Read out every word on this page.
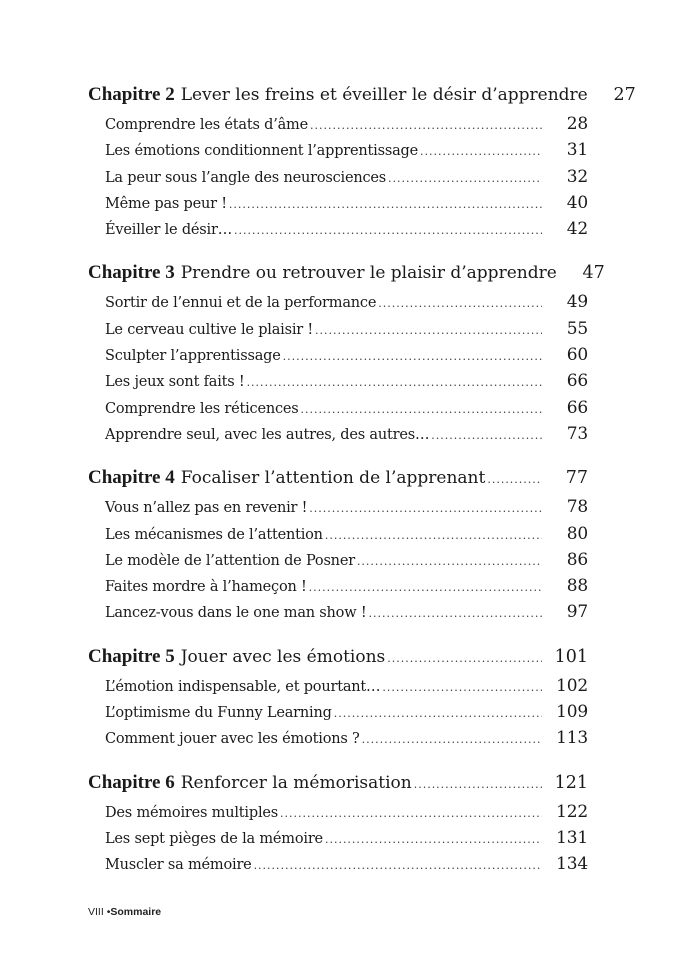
Chapitre 2 Lever les freins et éveiller le désir d’apprendre	27
Comprendre les états d’âme .....	28
Les émotions conditionnent l’apprentissage .....	31
La peur sous l’angle des neurosciences .....	32
Même pas peur ! .....	40
Éveiller le désir… .....	42
Chapitre 3 Prendre ou retrouver le plaisir d’apprendre	47
Sortir de l’ennui et de la performance .....	49
Le cerveau cultive le plaisir ! .....	55
Sculpter l’apprentissage .....	60
Les jeux sont faits ! .....	66
Comprendre les réticences .....	66
Apprendre seul, avec les autres, des autres… .....	73
Chapitre 4 Focaliser l’attention de l’apprenant .....	77
Vous n’allez pas en revenir ! .....	78
Les mécanismes de l’attention .....	80
Le modèle de l’attention de Posner .....	86
Faites mordre à l’hameçon ! .....	88
Lancez-vous dans le one man show ! .....	97
Chapitre 5 Jouer avec les émotions .....	101
L’émotion indispensable, et pourtant… .....	102
L’optimisme du Funny Learning .....	109
Comment jouer avec les émotions ? .....	113
Chapitre 6 Renforcer la mémorisation .....	121
Des mémoires multiples .....	122
Les sept pièges de la mémoire .....	131
Muscler sa mémoire .....	134
VIII •Sommaire
